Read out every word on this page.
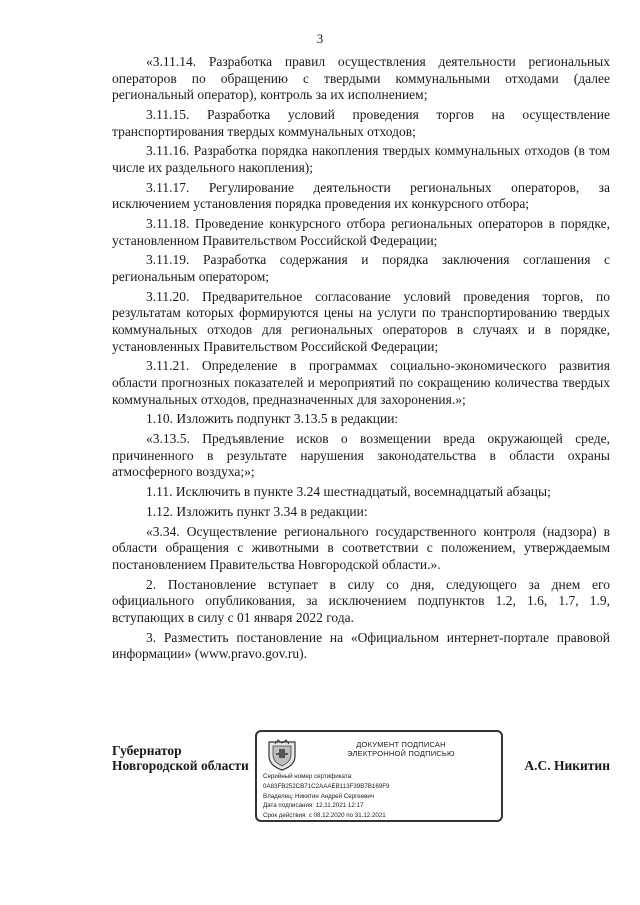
3

«3.11.14. Разработка правил осуществления деятельности региональных операторов по обращению с твердыми коммунальными отходами (далее региональный оператор), контроль за их исполнением;

3.11.15. Разработка условий проведения торгов на осуществление транспортирования твердых коммунальных отходов;

3.11.16. Разработка порядка накопления твердых коммунальных отходов (в том числе их раздельного накопления);

3.11.17. Регулирование деятельности региональных операторов, за исключением установления порядка проведения их конкурсного отбора;

3.11.18. Проведение конкурсного отбора региональных операторов в порядке, установленном Правительством Российской Федерации;

3.11.19. Разработка содержания и порядка заключения соглашения с региональным оператором;

3.11.20. Предварительное согласование условий проведения торгов, по результатам которых формируются цены на услуги по транспортированию твердых коммунальных отходов для региональных операторов в случаях и в порядке, установленных Правительством Российской Федерации;

3.11.21. Определение в программах социально-экономического развития области прогнозных показателей и мероприятий по сокращению количества твердых коммунальных отходов, предназначенных для захоронения.»;

1.10. Изложить подпункт 3.13.5 в редакции:

«3.13.5. Предъявление исков о возмещении вреда окружающей среде, причиненного в результате нарушения законодательства в области охраны атмосферного воздуха;»;

1.11. Исключить в пункте 3.24 шестнадцатый, восемнадцатый абзацы;

1.12. Изложить пункт 3.34 в редакции:

«3.34. Осуществление регионального государственного контроля (надзора) в области обращения с животными в соответствии с положением, утверждаемым постановлением Правительства Новгородской области.».

2. Постановление вступает в силу со дня, следующего за днем его официального опубликования, за исключением подпунктов 1.2, 1.6, 1.7, 1.9, вступающих в силу с 01 января 2022 года.

3. Разместить постановление на «Официальном интернет-портале правовой информации» (www.pravo.gov.ru).

Губернатор
Новгородской области
ДОКУМЕНТ ПОДПИСАН
ЭЛЕКТРОННОЙ ПОДПИСЬЮ
Серийный номер сертификата:
0A83FB252CB71C2AAAEB113F39B7B169F9
Владелец: Никитин Андрей Сергеевич
Дата подписания: 12.11.2021 12:17
Срок действия: с 08.12.2020 по 31.12.2021
А.С. Никитин
